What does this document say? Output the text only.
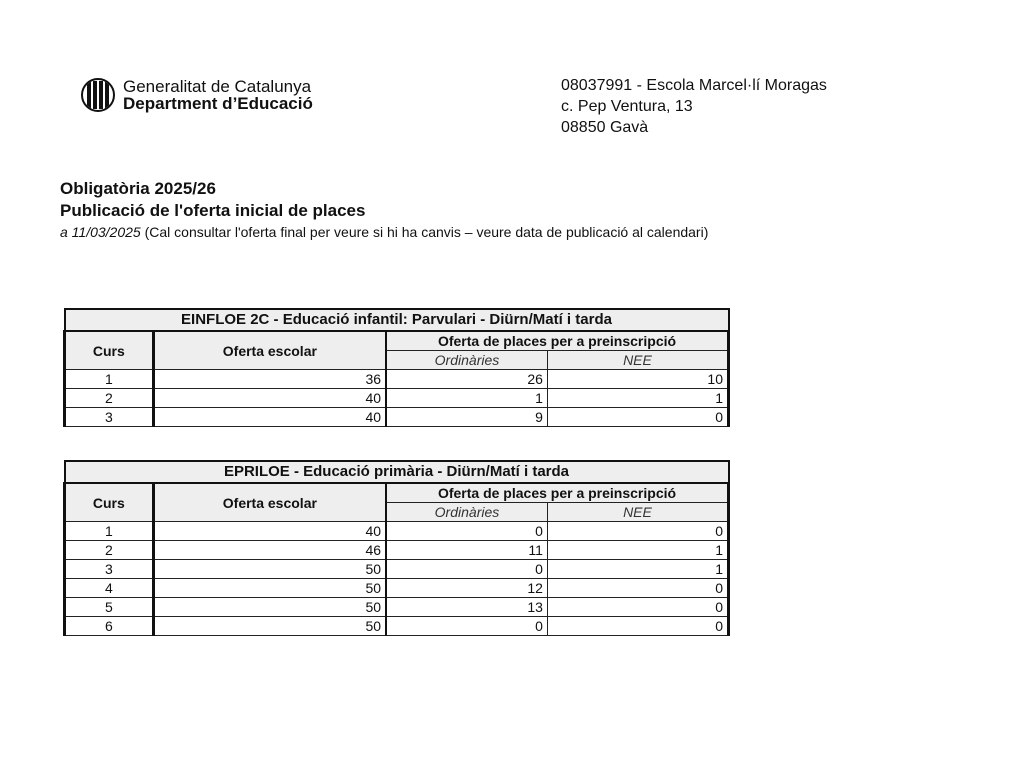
Generalitat de Catalunya
Department d’Educació
08037991 - Escola Marcel·lí Moragas
c. Pep Ventura, 13
08850 Gavà
Obligatòria 2025/26
Publicació de l'oferta inicial de places
a 11/03/2025 (Cal consultar l'oferta final per veure si hi ha canvis – veure data de publicació al calendari)
EINFLOE 2C - Educació infantil: Parvulari - Diürn/Matí i tarda			
Curs	Oferta escolar	Oferta de places per a preinscripció	
		Ordinàries	NEE
1	36	26	10
2	40	1	1
3	40	9	0
EPRILOE - Educació primària - Diürn/Matí i tarda			
Curs	Oferta escolar	Oferta de places per a preinscripció	
		Ordinàries	NEE
1	40	0	0
2	46	11	1
3	50	0	1
4	50	12	0
5	50	13	0
6	50	0	0
